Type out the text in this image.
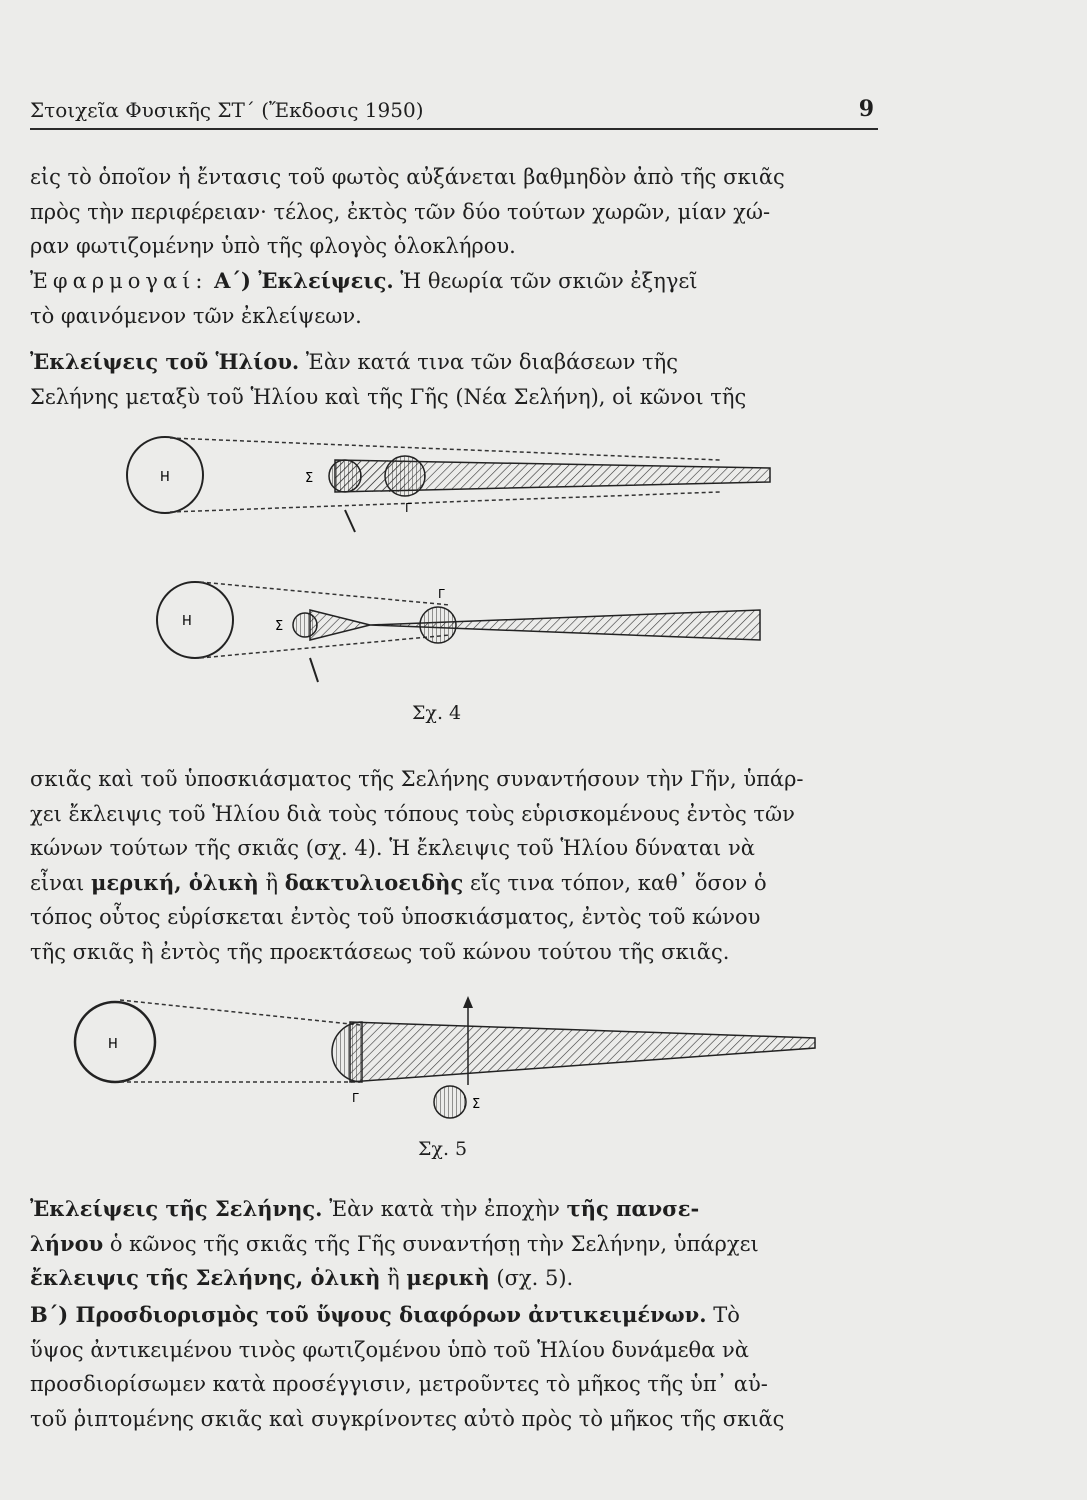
Στοιχεῖα Φυσικῆς ΣΤ΄ (Ἔκδοσις 1950)	9
εἰς τὸ ὁποῖον ἡ ἔντασις τοῦ φωτὸς αὐξάνεται βαθμηδὸν ἀπὸ τῆς σκιᾶς
πρὸς τὴν περιφέρειαν· τέλος, ἐκτὸς τῶν δύο τούτων χωρῶν, μίαν χώ-
ραν φωτιζομένην ὑπὸ τῆς φλογὸς ὁλοκλήρου.
Ἐφαρμογαί: Α΄) Ἐκλείψεις. Ἡ θεωρία τῶν σκιῶν ἐξηγεῖ
τὸ φαινόμενον τῶν ἐκλείψεων.
Ἐκλείψεις τοῦ Ἡλίου. Ἐὰν κατά τινα τῶν διαβάσεων τῆς
Σελήνης μεταξὺ τοῦ Ἡλίου καὶ τῆς Γῆς (Νέα Σελήνη), οἱ κῶνοι τῆς
Η	Σ
Γ
Η	Σ
Γ
Σχ. 4
σκιᾶς καὶ τοῦ ὑποσκιάσματος τῆς Σελήνης συναντήσουν τὴν Γῆν, ὑπάρ-
χει ἔκλειψις τοῦ Ἡλίου διὰ τοὺς τόπους τοὺς εὑρισκομένους ἐντὸς τῶν
κώνων τούτων τῆς σκιᾶς (σχ. 4). Ἡ ἔκλειψις τοῦ Ἡλίου δύναται νὰ
εἶναι μερική, ὁλικὴ ἢ δακτυλιοειδὴς εἴς τινα τόπον, καθ᾿ ὅσον ὁ
τόπος οὗτος εὑρίσκεται ἐντὸς τοῦ ὑποσκιάσματος, ἐντὸς τοῦ κώνου
τῆς σκιᾶς ἢ ἐντὸς τῆς προεκτάσεως τοῦ κώνου τούτου τῆς σκιᾶς.
Η
Γ	Σ
Σχ. 5
Ἐκλείψεις τῆς Σελήνης. Ἐὰν κατὰ τὴν ἐποχὴν τῆς πανσε-
λήνου ὁ κῶνος τῆς σκιᾶς τῆς Γῆς συναντήσῃ τὴν Σελήνην, ὑπάρχει
ἔκλειψις τῆς Σελήνης, ὁλικὴ ἢ μερικὴ (σχ. 5).
Β΄) Προσδιορισμὸς τοῦ ὕψους διαφόρων ἀντικειμένων. Τὸ
ὕψος ἀντικειμένου τινὸς φωτιζομένου ὑπὸ τοῦ Ἡλίου δυνάμεθα νὰ
προσδιορίσωμεν κατὰ προσέγγισιν, μετροῦντες τὸ μῆκος τῆς ὑπ᾿ αὐ-
τοῦ ῥιπτομένης σκιᾶς καὶ συγκρίνοντες αὐτὸ πρὸς τὸ μῆκος τῆς σκιᾶς
